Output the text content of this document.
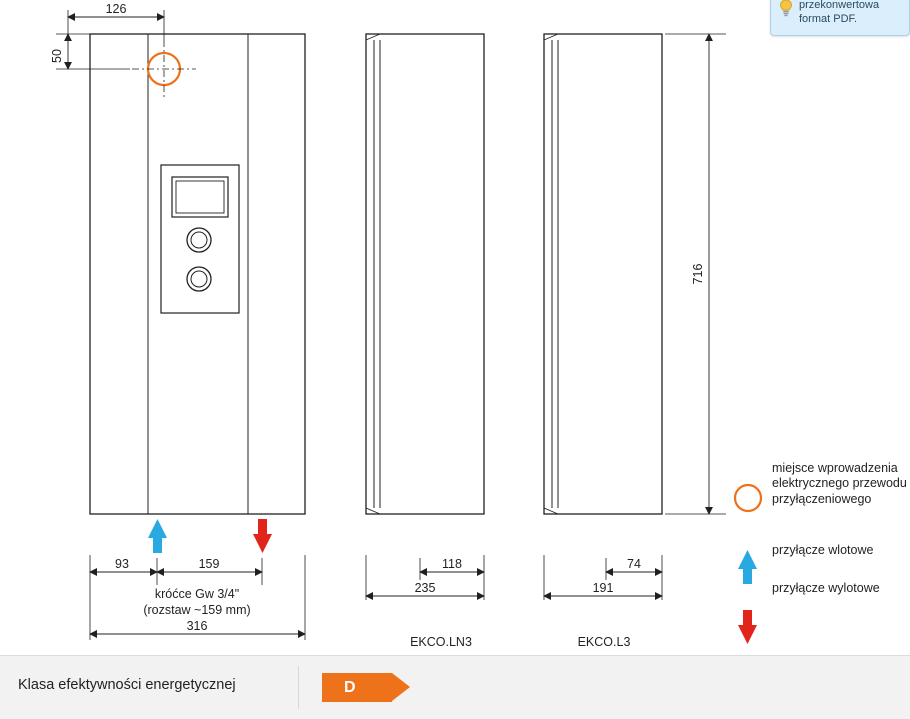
126
50
93	159
króćce Gw 3/4"
(rozstaw ~159 mm)
316
118
235
EKCO.LN3
74
191
EKCO.L3
716
miejsce wprowadzenia elektrycznego przewodu przyłączeniowego
przyłącze wlotowe
przyłącze wylotowe
przekonwertowa format PDF.
Klasa efektywności energetycznej	D
